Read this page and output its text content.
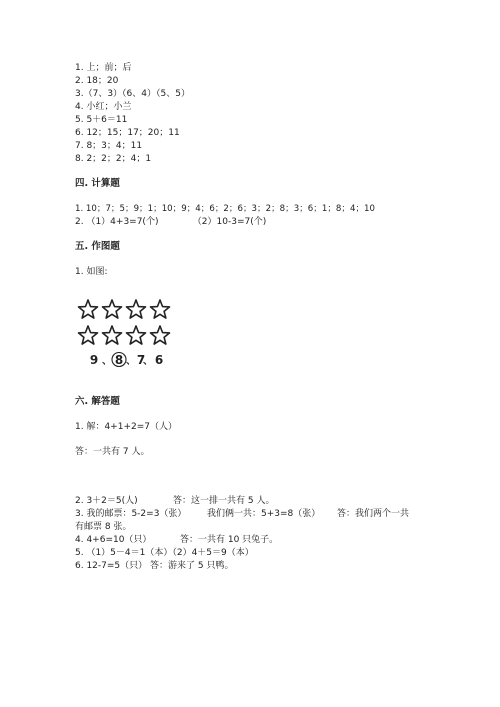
1. 上；前；后
2. 18；20
3.（7、3）（6、4）（5、5）
4. 小红；小兰
5. 5＋6＝11
6. 12；15；17；20；11
7. 8；3；4；11
8. 2；2；2；4；1
四. 计算题
1. 10；7；5；9；1；10；9；4；6；2；6；3；2；8；3；6；1；8；4；10
2. （1）4+3=7(个)            （2）10-3=7(个)
五. 作图题
1. 如图:
9 、 8 、 7
、 6
六. 解答题
1. 解：4+1+2=7（人）
答：一共有 7 人。
2. 3＋2＝5(人)	答：这一排一共有 5 人。
3. 我的邮票：5-2=3（张） 我们俩一共：5+3=8（张） 答：我们两个一共
有邮票 8 张。
4. 4+6=10（只）	答：一共有 10 只兔子。
5. （1）5－4＝1（本）（2）4＋5＝9（本）
6. 12-7=5（只） 答：游来了 5 只鸭。
